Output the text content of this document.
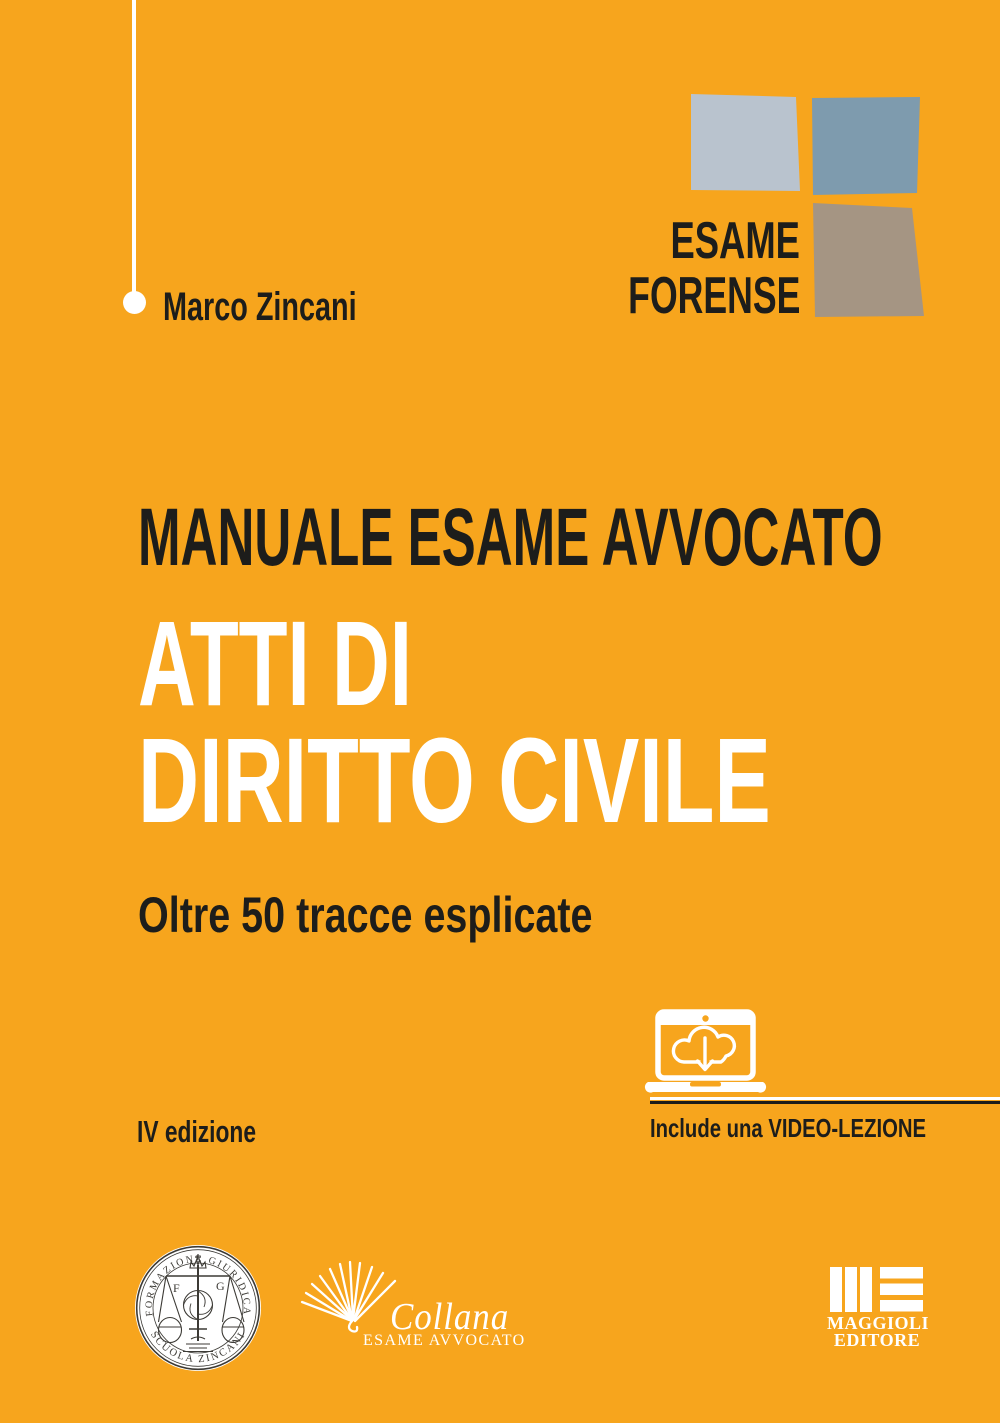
Marco Zincani
ESAME
FORENSE
MANUALE ESAME AVVOCATO
ATTI DI
DIRITTO CIVILE
Oltre 50 tracce esplicate
Include una VIDEO-LEZIONE
IV edizione
FORMAZIONE GIURIDICA
SCUOLA ZINCANI
F	G
Collana
ESAME AVVOCATO
MAGGIOLI
EDITORE
